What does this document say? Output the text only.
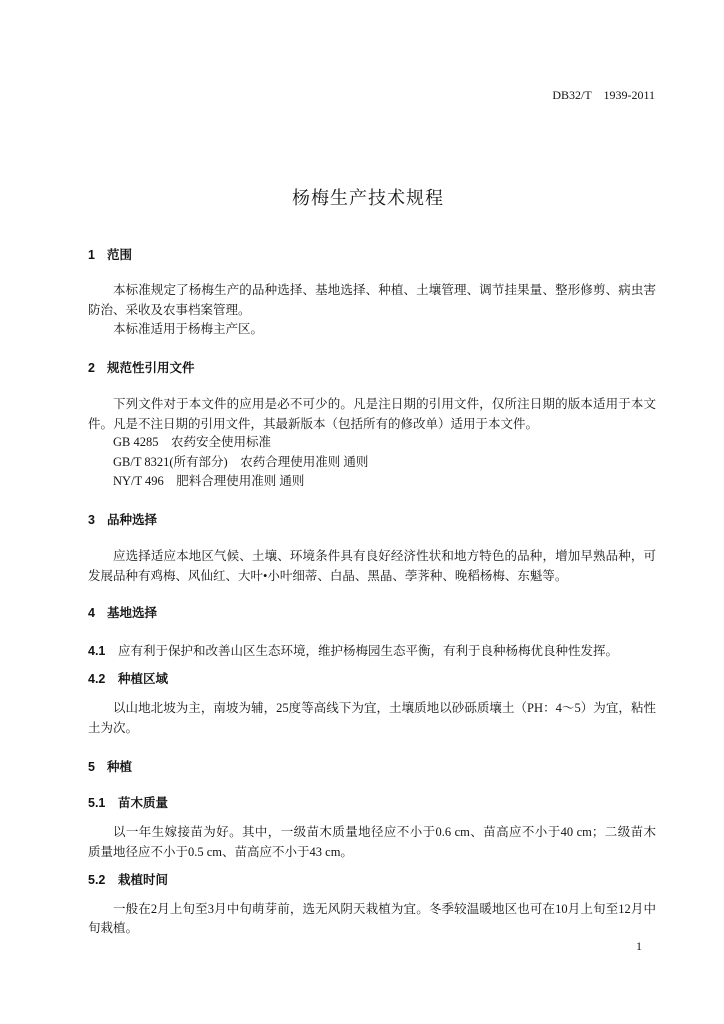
DB32/T　1939-2011
杨梅生产技术规程
1 范围
本标准规定了杨梅生产的品种选择、基地选择、种植、土壤管理、调节挂果量、整形修剪、病虫害
防治、采收及农事档案管理。
本标准适用于杨梅主产区。
2 规范性引用文件
下列文件对于本文件的应用是必不可少的。凡是注日期的引用文件，仅所注日期的版本适用于本文
件。凡是不注日期的引用文件，其最新版本（包括所有的修改单）适用于本文件。
GB 4285　农药安全使用标准
GB/T 8321(所有部分)　农药合理使用准则 通则
NY/T 496　肥料合理使用准则 通则
3 品种选择
应选择适应本地区气候、土壤、环境条件具有良好经济性状和地方特色的品种，增加早熟品种，可
发展品种有鸡梅、风仙红、大叶•小叶细蒂、白晶、黑晶、荸荠种、晚稻杨梅、东魁等。
4 基地选择
4.1 应有利于保护和改善山区生态环境，维护杨梅园生态平衡，有利于良种杨梅优良种性发挥。
4.2 种植区域
以山地北坡为主，南坡为辅，25度等高线下为宜，土壤质地以砂砾质壤土（PH：4～5）为宜，粘性
土为次。
5 种植
5.1 苗木质量
以一年生嫁接苗为好。其中，一级苗木质量地径应不小于0.6 cm、苗高应不小于40 cm；二级苗木
质量地径应不小于0.5 cm、苗高应不小于43 cm。
5.2 栽植时间
一般在2月上旬至3月中旬萌芽前，选无风阴天栽植为宜。冬季较温暖地区也可在10月上旬至12月中
旬栽植。
1
